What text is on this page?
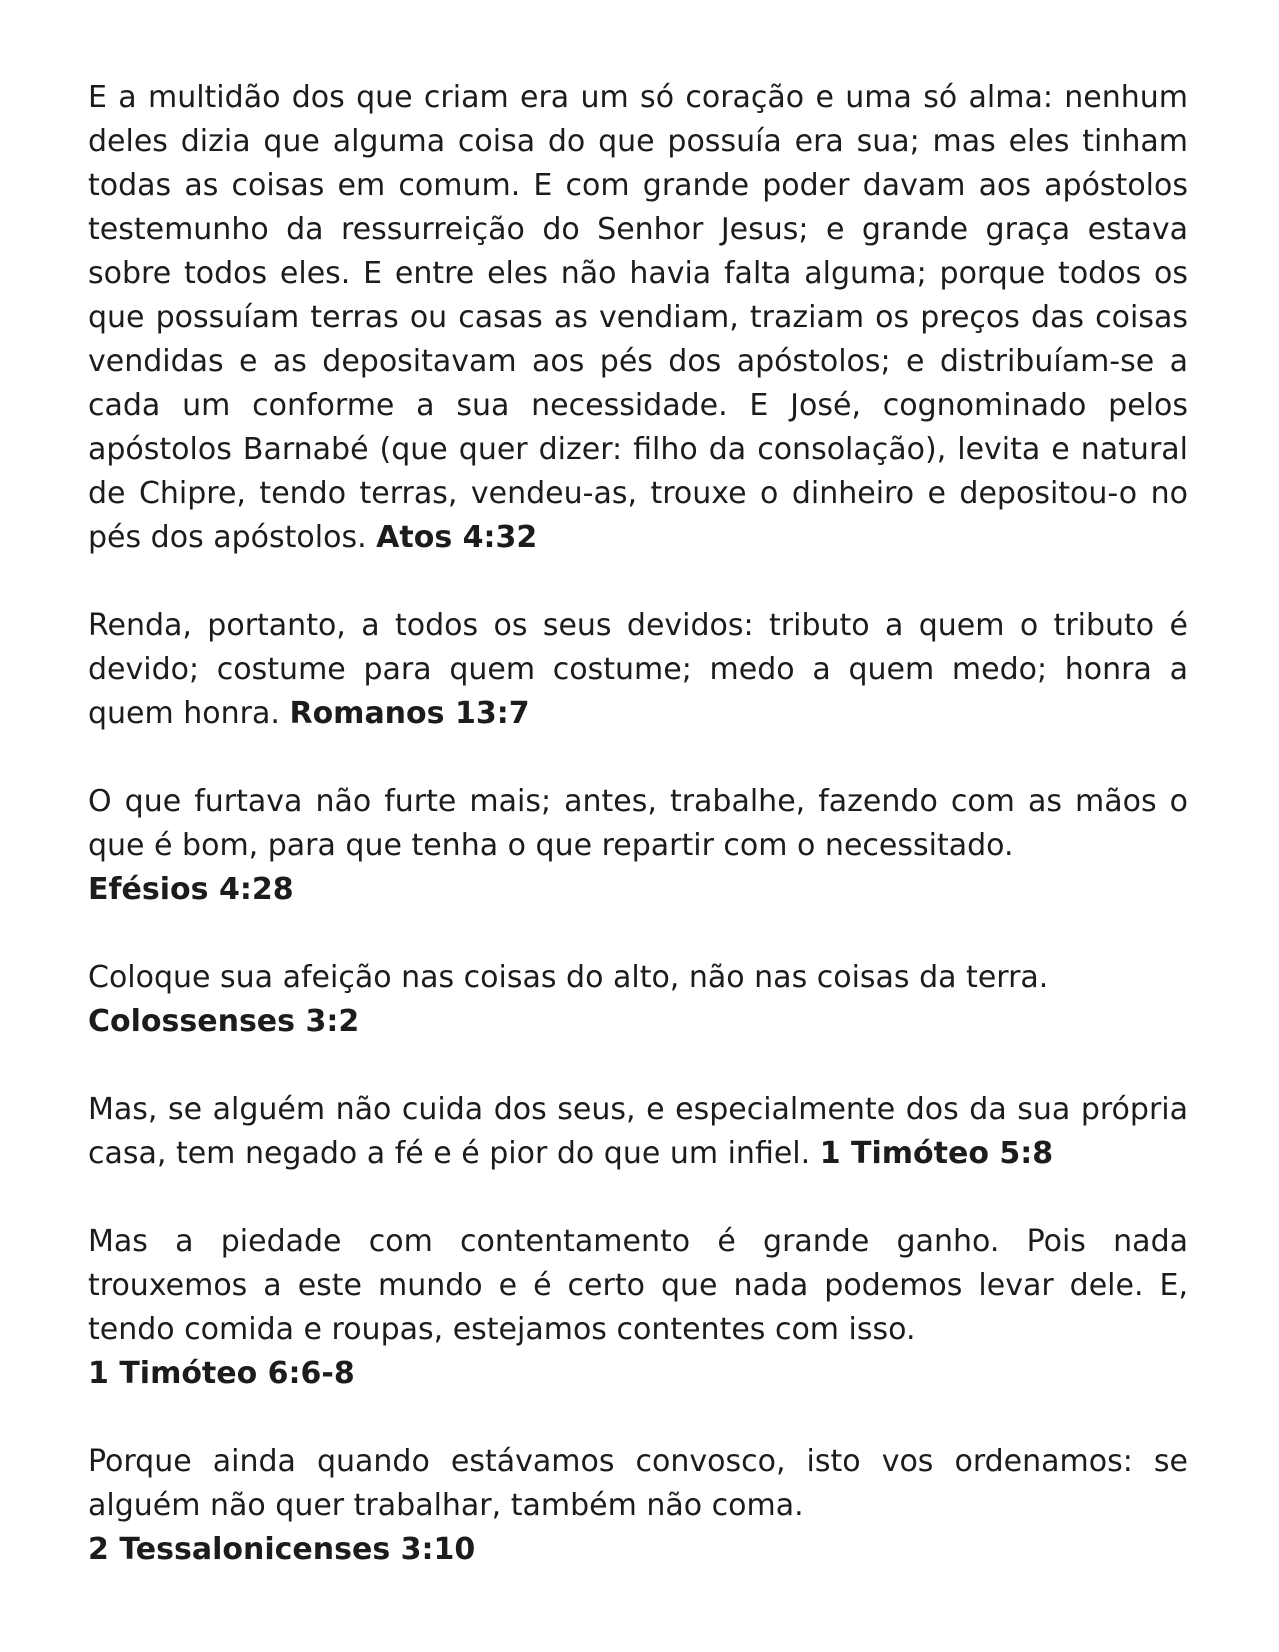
E a multidão dos que criam era um só coração e uma só alma: nenhum deles dizia que alguma coisa do que possuía era sua; mas eles tinham todas as coisas em comum. E com grande poder davam aos apóstolos testemunho da ressurreição do Senhor Jesus; e grande graça estava sobre todos eles. E entre eles não havia falta alguma; porque todos os que possuíam terras ou casas as vendiam, traziam os preços das coisas vendidas e as depositavam aos pés dos apóstolos; e distribuíam-se a cada um conforme a sua necessidade. E José, cognominado pelos apóstolos Barnabé (que quer dizer: filho da consolação), levita e natural de Chipre, tendo terras, vendeu-as, trouxe o dinheiro e depositou-o no pés dos apóstolos. Atos 4:32

Renda, portanto, a todos os seus devidos: tributo a quem o tributo é devido; costume para quem costume; medo a quem medo; honra a quem honra. Romanos 13:7

O que furtava não furte mais; antes, trabalhe, fazendo com as mãos o que é bom, para que tenha o que repartir com o necessitado.
Efésios 4:28

Coloque sua afeição nas coisas do alto, não nas coisas da terra.
Colossenses 3:2

Mas, se alguém não cuida dos seus, e especialmente dos da sua própria casa, tem negado a fé e é pior do que um infiel. 1 Timóteo 5:8

Mas a piedade com contentamento é grande ganho. Pois nada trouxemos a este mundo e é certo que nada podemos levar dele. E, tendo comida e roupas, estejamos contentes com isso.
1 Timóteo 6:6-8

Porque ainda quando estávamos convosco, isto vos ordenamos: se alguém não quer trabalhar, também não coma.
2 Tessalonicenses 3:10
